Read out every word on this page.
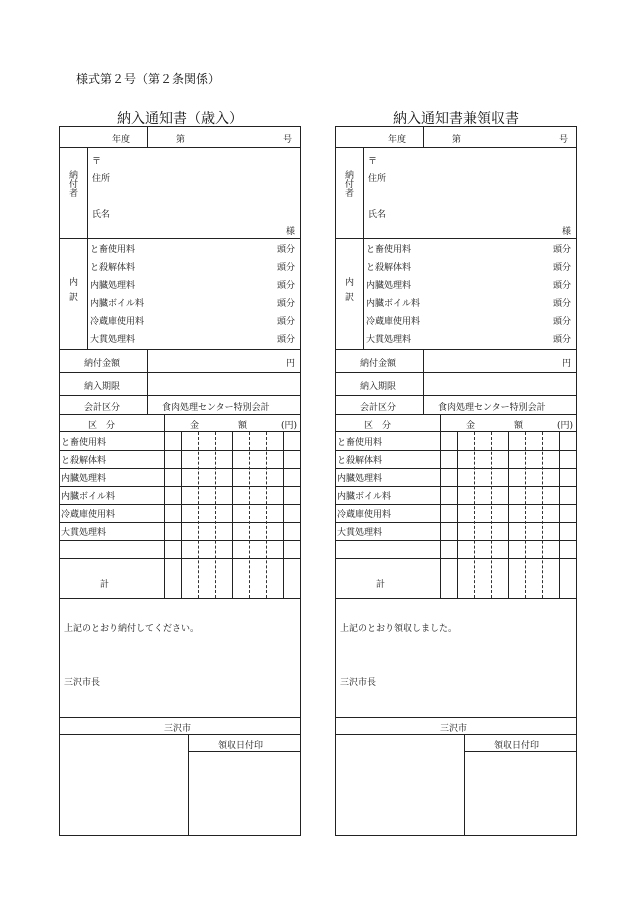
様式第２号（第２条関係）
納入通知書（歳入）
年度	第	号
納付者
〒
住所
氏名
様
内訳
と畜使用料	頭分
と殺解体料	頭分
内臓処理料	頭分
内臓ボイル料	頭分
冷蔵庫使用料	頭分
大貫処理料	頭分
納付金額	円
納入期限
会計区分	食肉処理センター特別会計
区　分	金	額	(円)
と畜使用料
と殺解体料
内臓処理料
内臓ボイル料
冷蔵庫使用料
大貫処理料
計
上記のとおり納付してください。
三沢市長
三沢市
領収日付印
納入通知書兼領収書
年度	第	号
納付者
〒
住所
氏名
様
内訳
と畜使用料	頭分
と殺解体料	頭分
内臓処理料	頭分
内臓ボイル料	頭分
冷蔵庫使用料	頭分
大貫処理料	頭分
納付金額	円
納入期限
会計区分	食肉処理センター特別会計
区　分	金	額	(円)
と畜使用料
と殺解体料
内臓処理料
内臓ボイル料
冷蔵庫使用料
大貫処理料
計
上記のとおり領収しました。
三沢市長
三沢市
領収日付印
